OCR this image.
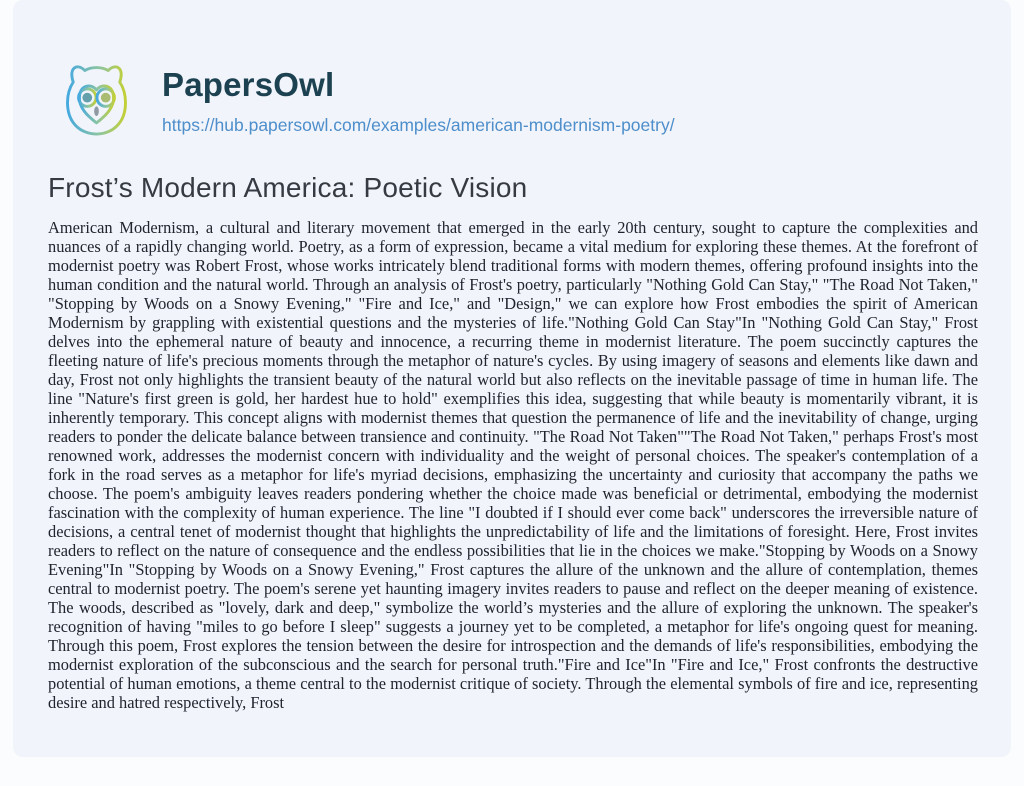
PapersOwl
https://hub.papersowl.com/examples/american-modernism-poetry/
Frost’s Modern America: Poetic Vision
American Modernism, a cultural and literary movement that emerged in the early 20th century, sought to capture the complexities and nuances of a rapidly changing world. Poetry, as a form of expression, became a vital medium for exploring these themes. At the forefront of modernist poetry was Robert Frost, whose works intricately blend traditional forms with modern themes, offering profound insights into the human condition and the natural world. Through an analysis of Frost's poetry, particularly "Nothing Gold Can Stay," "The Road Not Taken," "Stopping by Woods on a Snowy Evening," "Fire and Ice," and "Design," we can explore how Frost embodies the spirit of American Modernism by grappling with existential questions and the mysteries of life."Nothing Gold Can Stay"In "Nothing Gold Can Stay," Frost delves into the ephemeral nature of beauty and innocence, a recurring theme in modernist literature. The poem succinctly captures the fleeting nature of life's precious moments through the metaphor of nature's cycles. By using imagery of seasons and elements like dawn and day, Frost not only highlights the transient beauty of the natural world but also reflects on the inevitable passage of time in human life. The line "Nature's first green is gold, her hardest hue to hold" exemplifies this idea, suggesting that while beauty is momentarily vibrant, it is inherently temporary. This concept aligns with modernist themes that question the permanence of life and the inevitability of change, urging readers to ponder the delicate balance between transience and continuity. "The Road Not Taken""The Road Not Taken," perhaps Frost's most renowned work, addresses the modernist concern with individuality and the weight of personal choices. The speaker's contemplation of a fork in the road serves as a metaphor for life's myriad decisions, emphasizing the uncertainty and curiosity that accompany the paths we choose. The poem's ambiguity leaves readers pondering whether the choice made was beneficial or detrimental, embodying the modernist fascination with the complexity of human experience. The line "I doubted if I should ever come back" underscores the irreversible nature of decisions, a central tenet of modernist thought that highlights the unpredictability of life and the limitations of foresight. Here, Frost invites readers to reflect on the nature of consequence and the endless possibilities that lie in the choices we make."Stopping by Woods on a Snowy Evening"In "Stopping by Woods on a Snowy Evening," Frost captures the allure of the unknown and the allure of contemplation, themes central to modernist poetry. The poem's serene yet haunting imagery invites readers to pause and reflect on the deeper meaning of existence. The woods, described as "lovely, dark and deep," symbolize the world’s mysteries and the allure of exploring the unknown. The speaker's recognition of having "miles to go before I sleep" suggests a journey yet to be completed, a metaphor for life's ongoing quest for meaning. Through this poem, Frost explores the tension between the desire for introspection and the demands of life's responsibilities, embodying the modernist exploration of the subconscious and the search for personal truth."Fire and Ice"In "Fire and Ice," Frost confronts the destructive potential of human emotions, a theme central to the modernist critique of society. Through the elemental symbols of fire and ice, representing desire and hatred respectively, Frost
